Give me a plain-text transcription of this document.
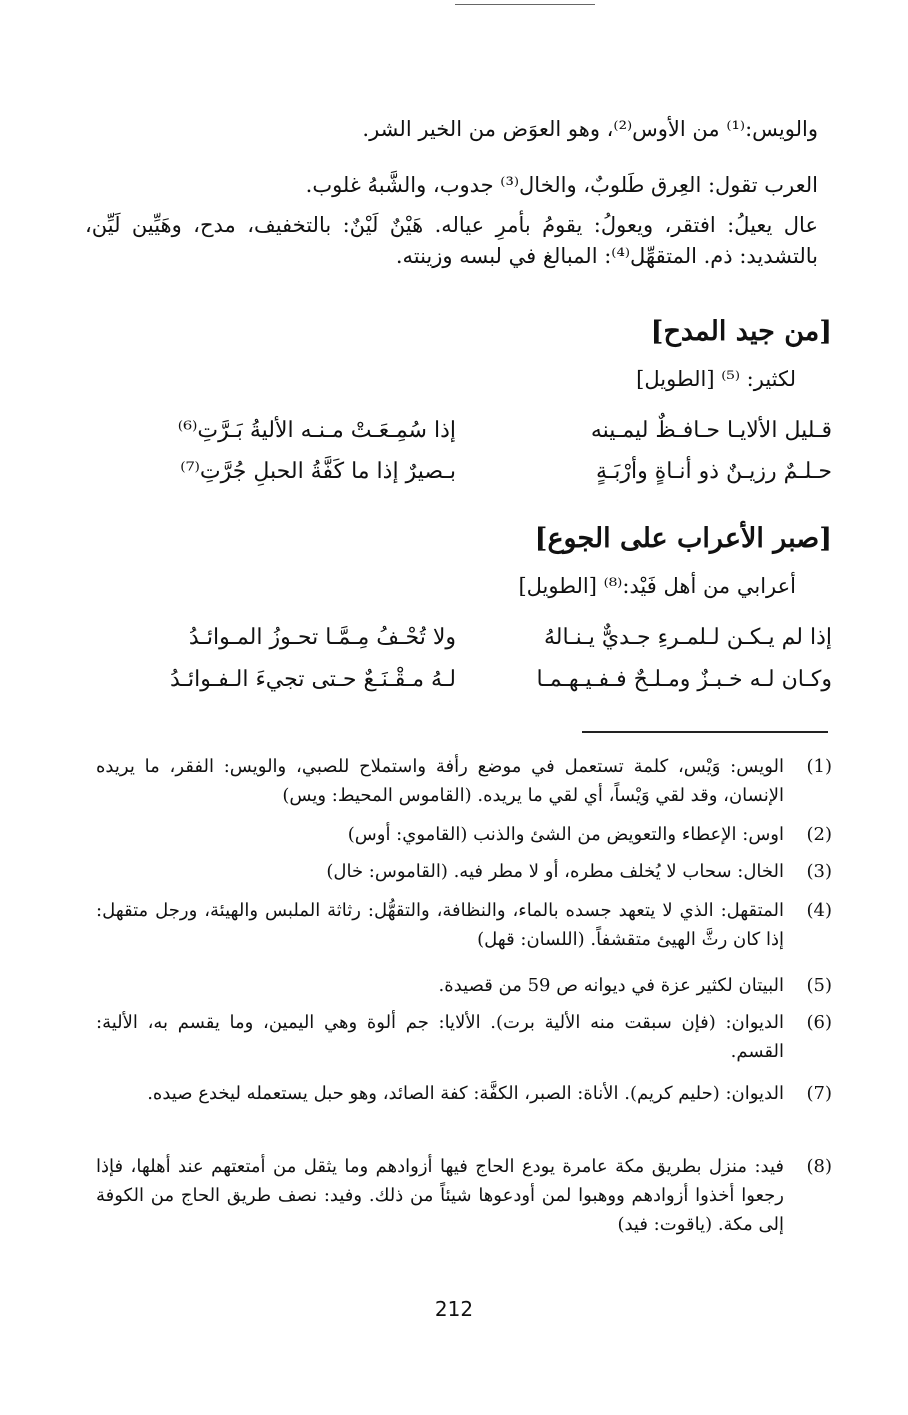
والويس:⁽¹⁾ من الأوس⁽²⁾، وهو العوَض من الخير الشر.
العرب تقول: العِرق طَلوبٌ، والخال⁽³⁾ جدوب، والشَّبهُ غلوب.
عال يعيلُ: افتقر، ويعولُ: يقومُ بأمرِ عياله. هَيْنٌ لَيْنٌ: بالتخفيف، مدح، وهَيِّين لَيِّن، بالتشديد: ذم. المتقهِّل⁽⁴⁾: المبالغ في لبسه وزينته.
[من جيد المدح]
لكثير: ⁽⁵⁾ [الطويل]
قـليل الألايـا حـافـظٌ ليمـينه
إذا سُمِـعَـتْ مـنـه الأليةُ بَـرَّتِ⁽⁶⁾
حـلـمٌ رزيـنٌ ذو أنـاةٍ وأرْبَـةٍ
بـصيرٌ إذا ما كَفَّةُ الحبلِ جُرَّتِ⁽⁷⁾
[صبر الأعراب على الجوع]
أعرابي من أهل فَيْد:⁽⁸⁾ [الطويل]
إذا لم يـكـن لـلمـرءِ جـديٌّ يـنـالهُ
ولا تُحْـفُ مِـمَّـا تحـوزُ المـوائـدُ
وكـان لـه خـبـزٌ ومـلـحٌ فـفـيـهـمـا
لـهُ مـقْـنَـعٌ حـتى تجيءَ الـفـوائـدُ
(1)
الويس: وَيْس، كلمة تستعمل في موضع رأفة واستملاح للصبي، والويس: الفقر، ما يريده الإنسان، وقد لقي وَيْساً، أي لقي ما يريده. (القاموس المحيط: ويس)
(2)
اوس: الإعطاء والتعويض من الشئ والذنب (القاموي: أوس)
(3)
الخال: سحاب لا يُخلف مطره، أو لا مطر فيه. (القاموس: خال)
(4)
المتقهل: الذي لا يتعهد جسده بالماء، والنظافة، والتقهُّل: رثاثة الملبس والهيئة، ورجل متقهل: إذا كان رثَّ الهيئ متقشفاً. (اللسان: قهل)
(5)
البيتان لكثير عزة في ديوانه ص 59 من قصيدة.
(6)
الديوان: (فإن سبقت منه الألية برت). الألايا: جم ألوة وهي اليمين، وما يقسم به، الألية: القسم.
(7)
الديوان: (حليم كريم). الأناة: الصبر، الكفَّة: كفة الصائد، وهو حبل يستعمله ليخدع صيده.
(8)
فيد: منزل بطريق مكة عامرة يودع الحاج فيها أزوادهم وما يثقل من أمتعتهم عند أهلها، فإذا رجعوا أخذوا أزوادهم ووهبوا لمن أودعوها شيئاً من ذلك. وفيد: نصف طريق الحاج من الكوفة إلى مكة. (ياقوت: فيد)
212
